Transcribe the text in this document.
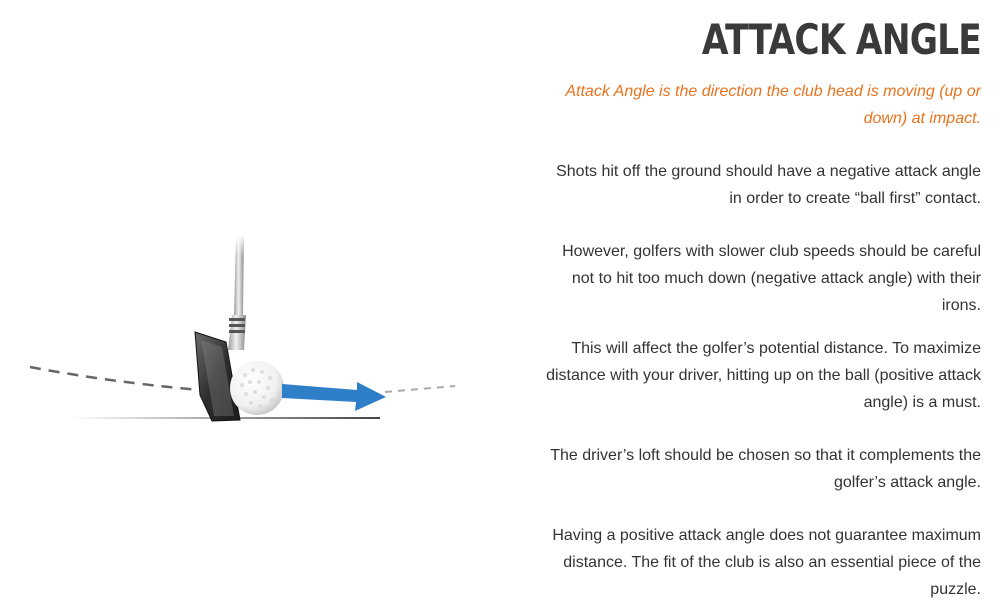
ATTACK ANGLE

Attack Angle is the direction the club head is moving (up or down) at impact.

Shots hit off the ground should have a negative attack angle in order to create “ball first” contact.

However, golfers with slower club speeds should be careful not to hit too much down (negative attack angle) with their irons.

This will affect the golfer’s potential distance. To maximize distance with your driver, hitting up on the ball (positive attack angle) is a must.

The driver’s loft should be chosen so that it complements the golfer’s attack angle.

Having a positive attack angle does not guarantee maximum distance. The fit of the club is also an essential piece of the puzzle.
